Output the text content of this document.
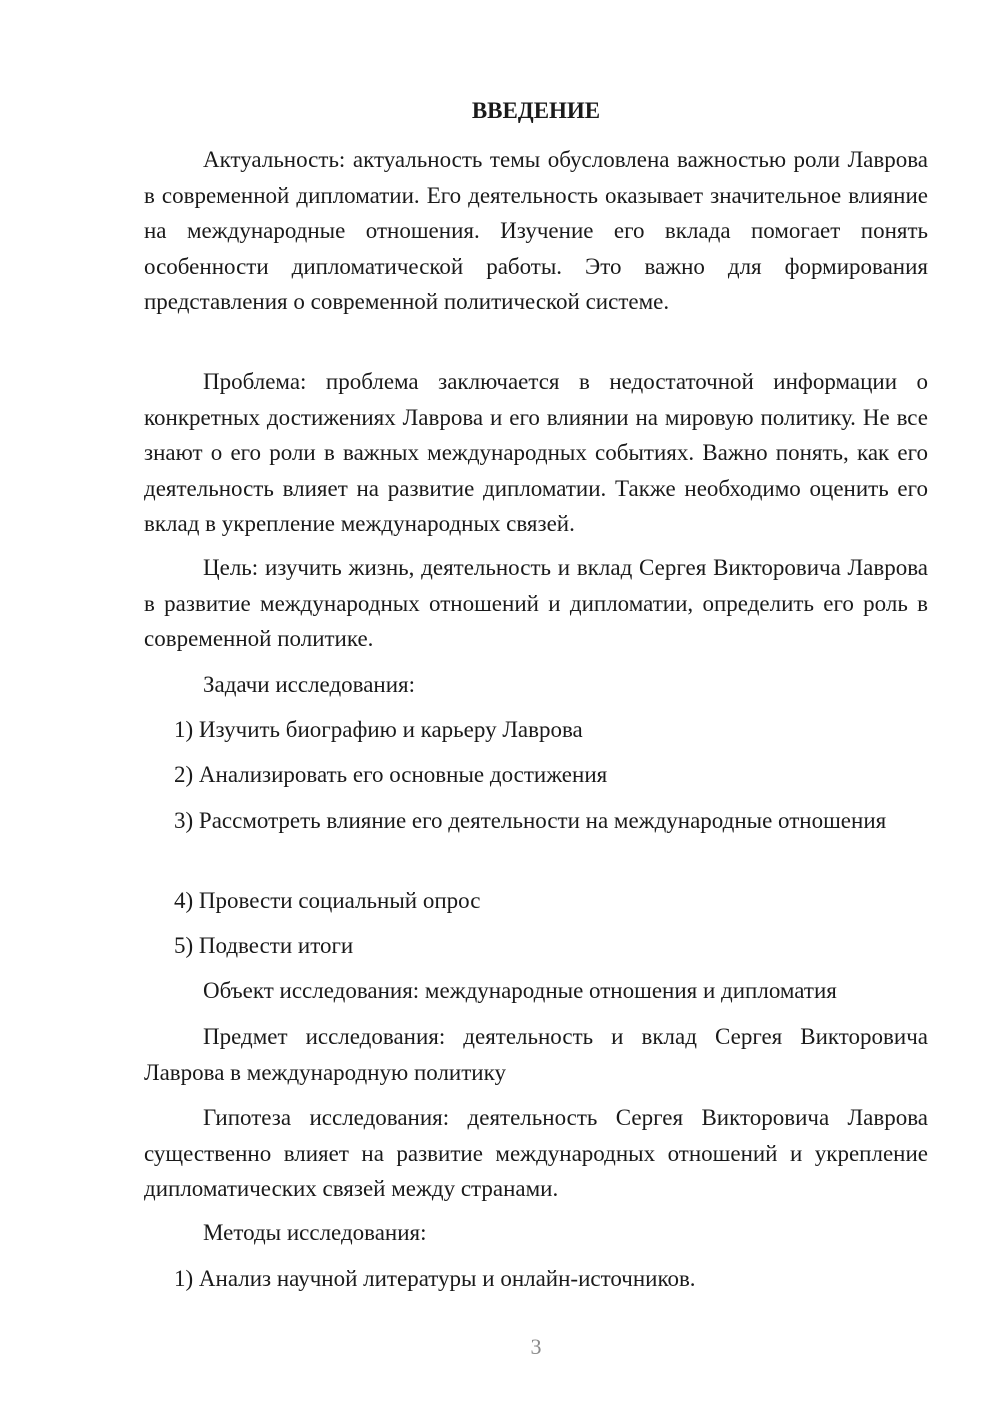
ВВЕДЕНИЕ

Актуальность: актуальность темы обусловлена важностью роли Лаврова в современной дипломатии. Его деятельность оказывает значительное влияние на международные отношения. Изучение его вклада помогает понять особенности дипломатической работы. Это важно для формирования представления о современной политической системе.

Проблема: проблема заключается в недостаточной информации о конкретных достижениях Лаврова и его влиянии на мировую политику. Не все знают о его роли в важных международных событиях. Важно понять, как его деятельность влияет на развитие дипломатии. Также необходимо оценить его вклад в укрепление международных связей.

Цель: изучить жизнь, деятельность и вклад Сергея Викторовича Лаврова в развитие международных отношений и дипломатии, определить его роль в современной политике.

Задачи исследования:

1) Изучить биографию и карьеру Лаврова

2) Анализировать его основные достижения

3) Рассмотреть влияние его деятельности на международные отношения

4) Провести социальный опрос

5) Подвести итоги

Объект исследования: международные отношения и дипломатия

Предмет исследования: деятельность и вклад Сергея Викторовича Лаврова в международную политику

Гипотеза исследования: деятельность Сергея Викторовича Лаврова существенно влияет на развитие международных отношений и укрепление дипломатических связей между странами.

Методы исследования:

1) Анализ научной литературы и онлайн-источников.

3
